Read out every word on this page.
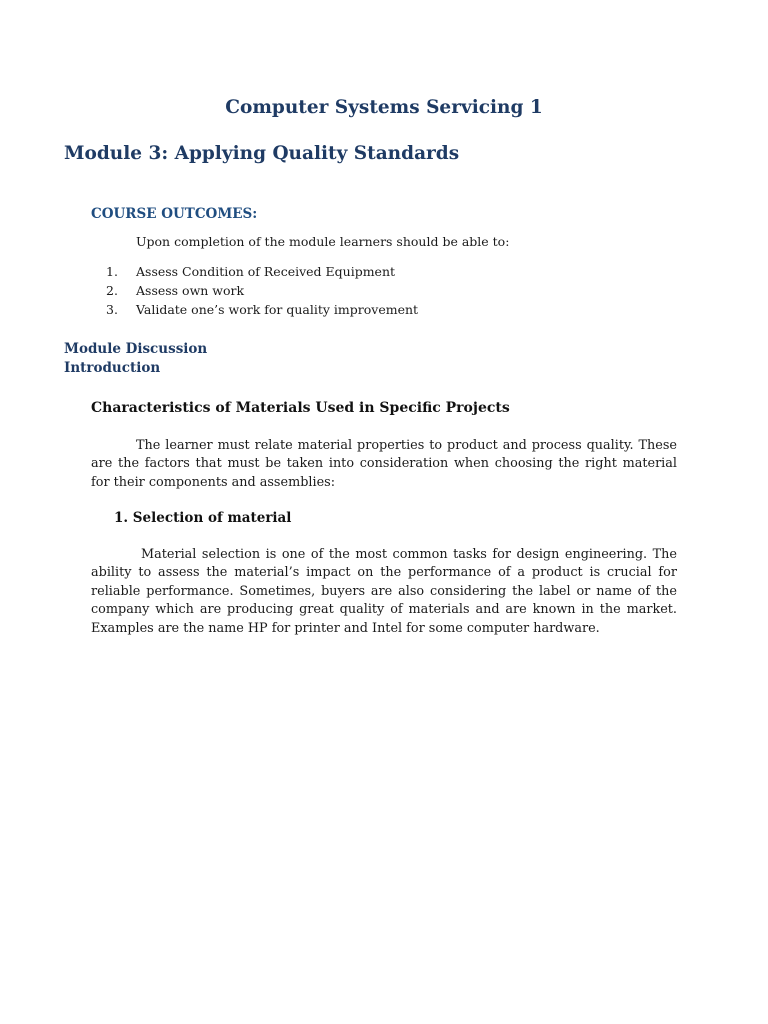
Computer Systems Servicing 1
Module 3: Applying Quality Standards
COURSE OUTCOMES:

Upon completion of the module learners should be able to:

1. Assess Condition of Received Equipment
2. Assess own work
3. Validate one’s work for quality improvement
Module Discussion
Introduction
Characteristics of Materials Used in Specific Projects

The learner must relate material properties to product and process quality. These are the factors that must be taken into consideration when choosing the right material for their components and assemblies:

1. Selection of material

Material selection is one of the most common tasks for design engineering. The ability to assess the material’s impact on the performance of a product is crucial for reliable performance. Sometimes, buyers are also considering the label or name of the company which are producing great quality of materials and are known in the market. Examples are the name HP for printer and Intel for some computer hardware.
